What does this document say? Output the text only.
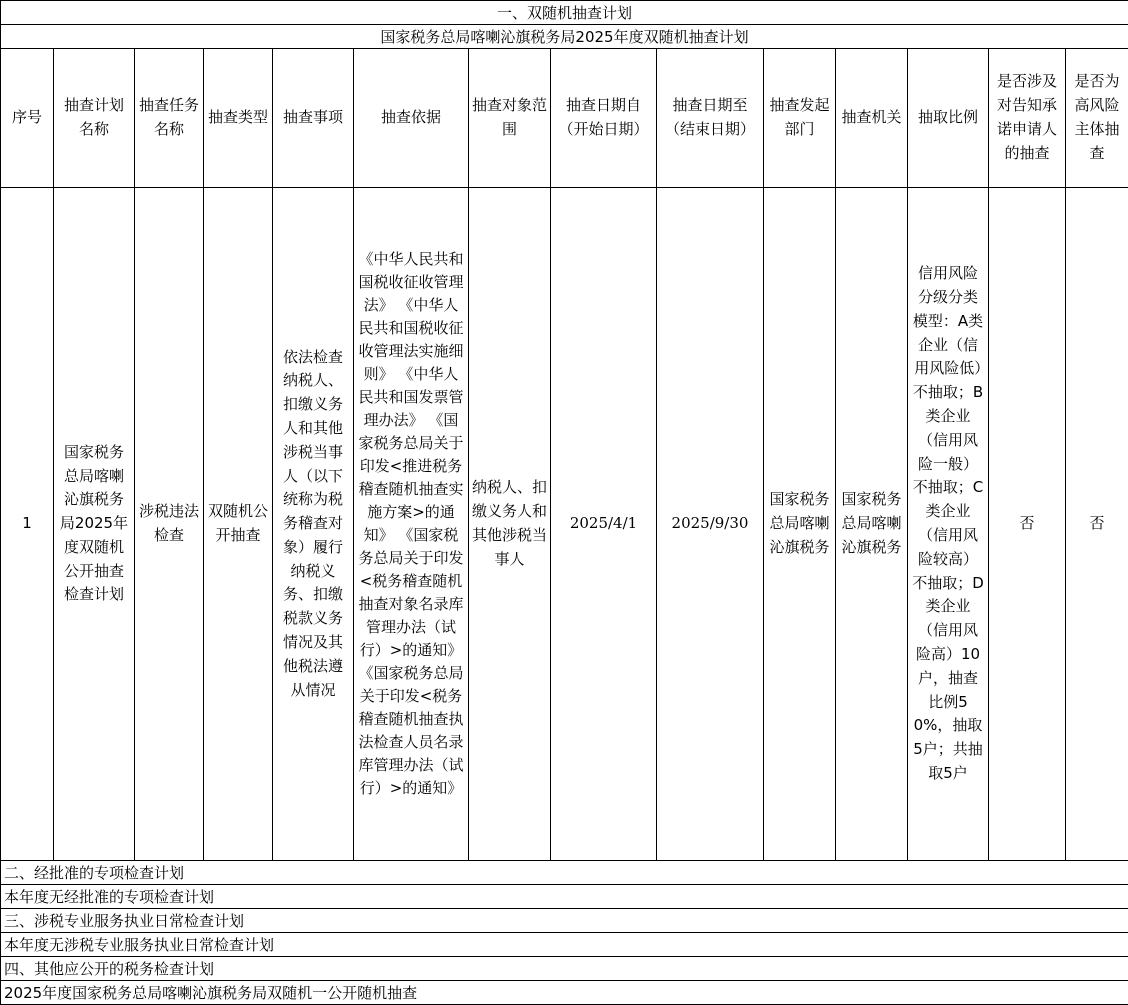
一、双随机抽查计划													
国家税务总局喀喇沁旗税务局2025年度双随机抽查计划													
序号	抽查计划名称	抽查任务名称	抽查类型	抽查事项	抽查依据	抽查对象范围	抽查日期自（开始日期）	抽查日期至（结束日期）	抽查发起部门	抽查机关	抽取比例	是否涉及对告知承诺申请人的抽查	是否为高风险主体抽查
1	国家税务总局喀喇沁旗税务局2025年度双随机公开抽查检查计划	涉税违法检查	双随机公开抽查	依法检查纳税人、扣缴义务人和其他涉税当事人（以下统称为税务稽查对象）履行纳税义务、扣缴税款义务情况及其他税法遵从情况	《中华人民共和国税收征收管理法》 《中华人民共和国税收征收管理法实施细则》 《中华人民共和国发票管理办法》 《国家税务总局关于印发<推进税务稽查随机抽查实施方案>的通知》 《国家税务总局关于印发<税务稽查随机抽查对象名录库管理办法（试行）>的通知》 《国家税务总局关于印发<税务稽查随机抽查执法检查人员名录库管理办法（试行）>的通知》	纳税人、扣缴义务人和其他涉税当事人	2025/4/1	2025/9/30	国家税务总局喀喇沁旗税务	国家税务总局喀喇沁旗税务	信用风险分级分类模型：A类企业（信用风险低）不抽取；B类企业（信用风险一般）不抽取；C类企业（信用风险较高）不抽取；D类企业（信用风险高）10户，抽查比例50%，抽取5户；共抽取5户	否	否
二、经批准的专项检查计划													
本年度无经批准的专项检查计划													
三、涉税专业服务执业日常检查计划													
本年度无涉税专业服务执业日常检查计划													
四、其他应公开的税务检查计划													
2025年度国家税务总局喀喇沁旗税务局双随机一公开随机抽查													
